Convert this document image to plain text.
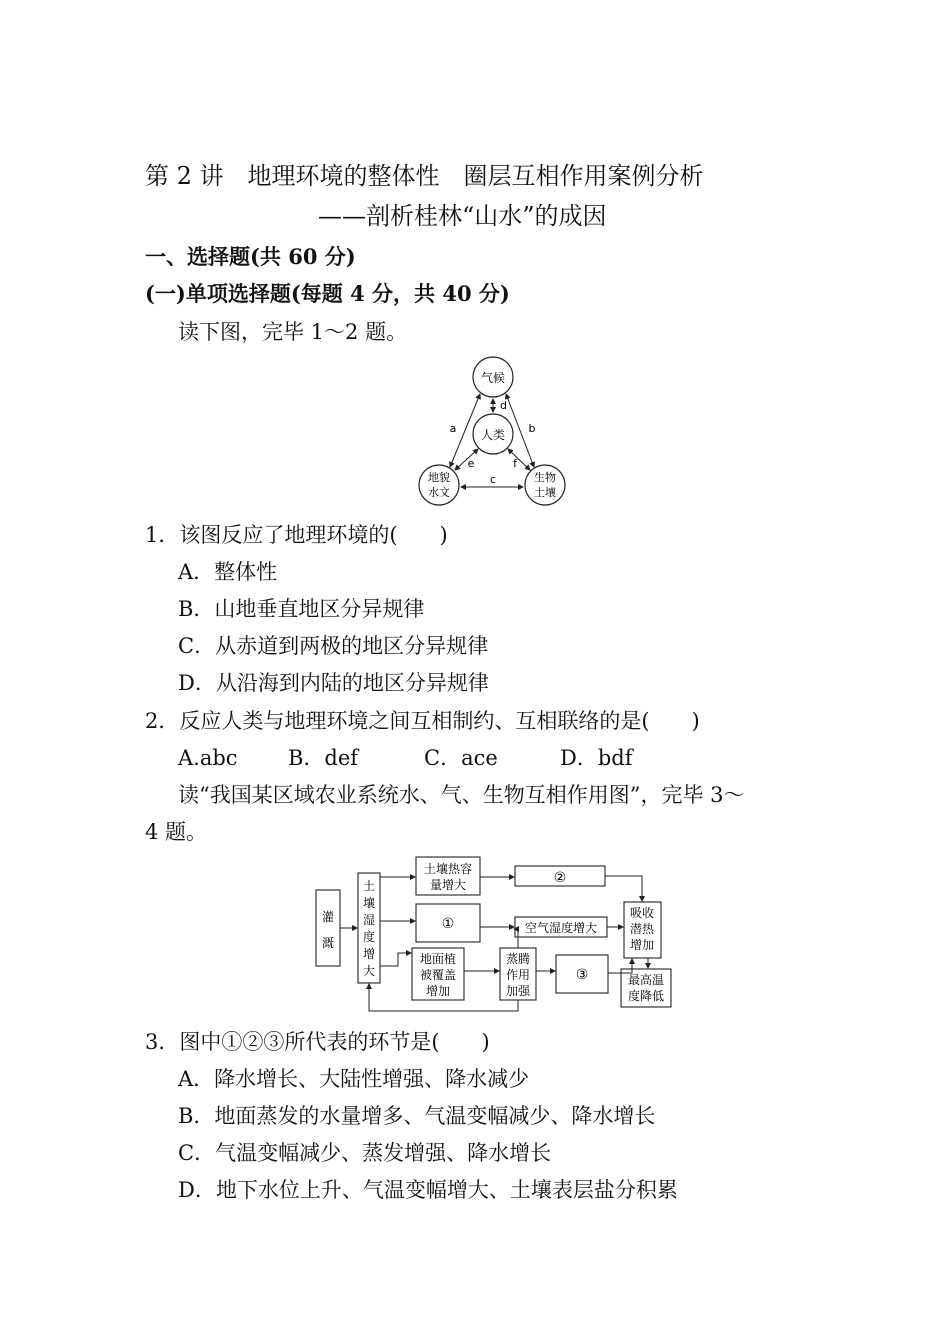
第 2 讲　地理环境的整体性　圈层互相作用案例分析
——剖析桂林“山水”的成因
一、选择题(共 60 分)
(一)单项选择题(每题 4 分，共 40 分)
读下图，完毕 1～2 题。
气候
人类
地貌
水文
生物
土壤
a	b
c
d
e	f
1．该图反应了地理环境的(　　)
A．整体性
B．山地垂直地区分异规律
C．从赤道到两极的地区分异规律
D．从沿海到内陆的地区分异规律
2．反应人类与地理环境之间互相制约、互相联络的是(　　)
A.abc B．def	C．ace	D．bdf
读“我国某区域农业系统水、气、生物互相作用图”，完毕 3～
4 题。
灌
溉
土
壤
湿
度
增
大
土壤热容
量增大	②
①	空气湿度增大
吸收
潜热
增加
地面植
被覆盖
增加
蒸腾
作用
加强
③	最高温
度降低
3．图中①②③所代表的环节是(　　)
A．降水增长、大陆性增强、降水减少
B．地面蒸发的水量增多、气温变幅减少、降水增长
C．气温变幅减少、蒸发增强、降水增长
D．地下水位上升、气温变幅增大、土壤表层盐分积累
